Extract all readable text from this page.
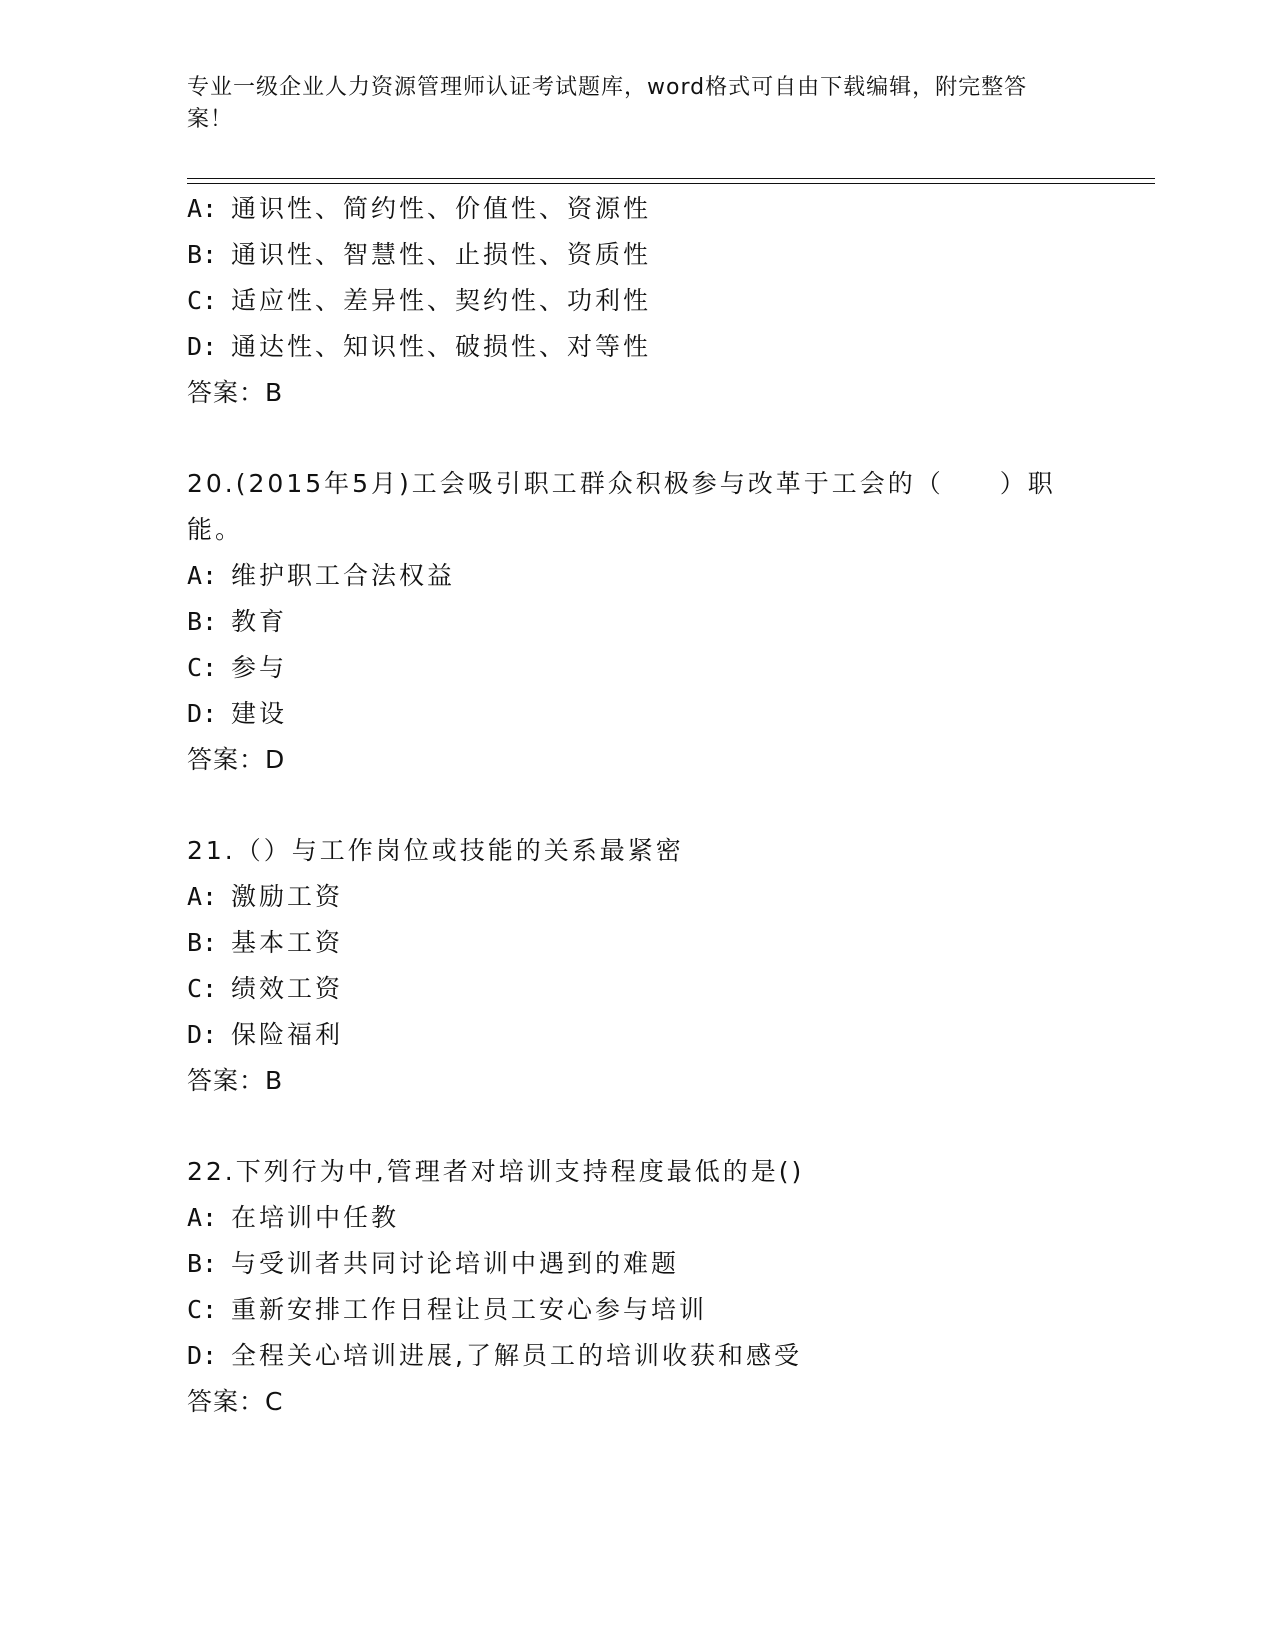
专业一级企业人力资源管理师认证考试题库，word格式可自由下载编辑，附完整答案！
A: 通识性、简约性、价值性、资源性
B: 通识性、智慧性、止损性、资质性
C: 适应性、差异性、契约性、功利性
D: 通达性、知识性、破损性、对等性
答案：B
20.(2015年5月)工会吸引职工群众积极参与改革于工会的（　　）职能。
A: 维护职工合法权益
B: 教育
C: 参与
D: 建设
答案：D
21.（）与工作岗位或技能的关系最紧密
A: 激励工资
B: 基本工资
C: 绩效工资
D: 保险福利
答案：B
22.下列行为中,管理者对培训支持程度最低的是()
A: 在培训中任教
B: 与受训者共同讨论培训中遇到的难题
C: 重新安排工作日程让员工安心参与培训
D: 全程关心培训进展,了解员工的培训收获和感受
答案：C
